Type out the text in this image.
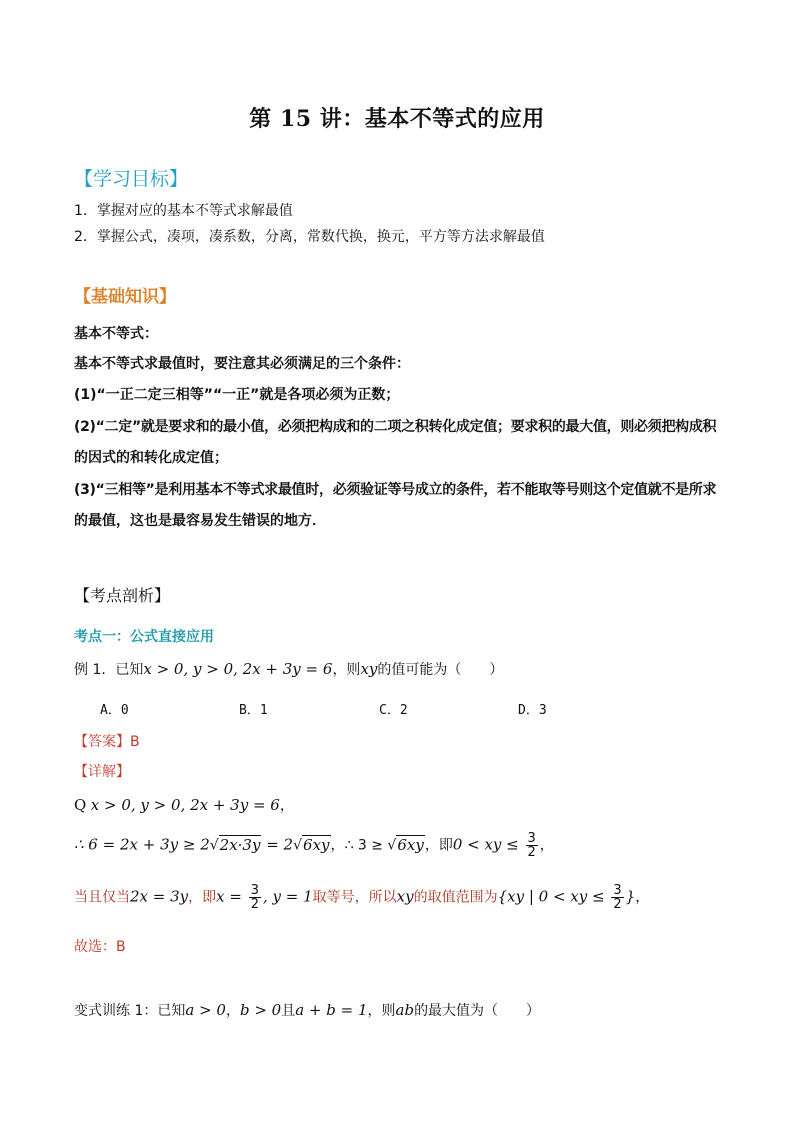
第 15 讲：基本不等式的应用
【学习目标】
1．掌握对应的基本不等式求解最值
2．掌握公式，凑项，凑系数，分离，常数代换，换元，平方等方法求解最值
【基础知识】
基本不等式：
基本不等式求最值时，要注意其必须满足的三个条件：
(1)“一正二定三相等”“一正”就是各项必须为正数；
(2)“二定”就是要求和的最小值，必须把构成和的二项之积转化成定值；要求积的最大值，则必须把构成积
的因式的和转化成定值；
(3)“三相等”是利用基本不等式求最值时，必须验证等号成立的条件，若不能取等号则这个定值就不是所求
的最值，这也是最容易发生错误的地方．
【考点剖析】
考点一：公式直接应用
例 1．已知x > 0, y > 0, 2x + 3y = 6，则xy的值可能为（　　）
A．0	B．1	C．2	D．3
【答案】B
【详解】
Q x > 0, y > 0, 2x + 3y = 6，
∴ 6 = 2x + 3y ≥ 2√2x·3y = 2√6xy，∴ 3 ≥ √6xy，即0 < xy ≤ $\frac{3}{2}$ ，
当且仅当2x = 3y，即$x = \frac{3}{2}$ , y = 1取等号，所以xy的取值范围为{xy | 0 < xy ≤ $\frac{3}{2}$ }，
故选：B
变式训练 1：已知a > 0，b > 0且a + b = 1，则ab的最大值为（　　）
